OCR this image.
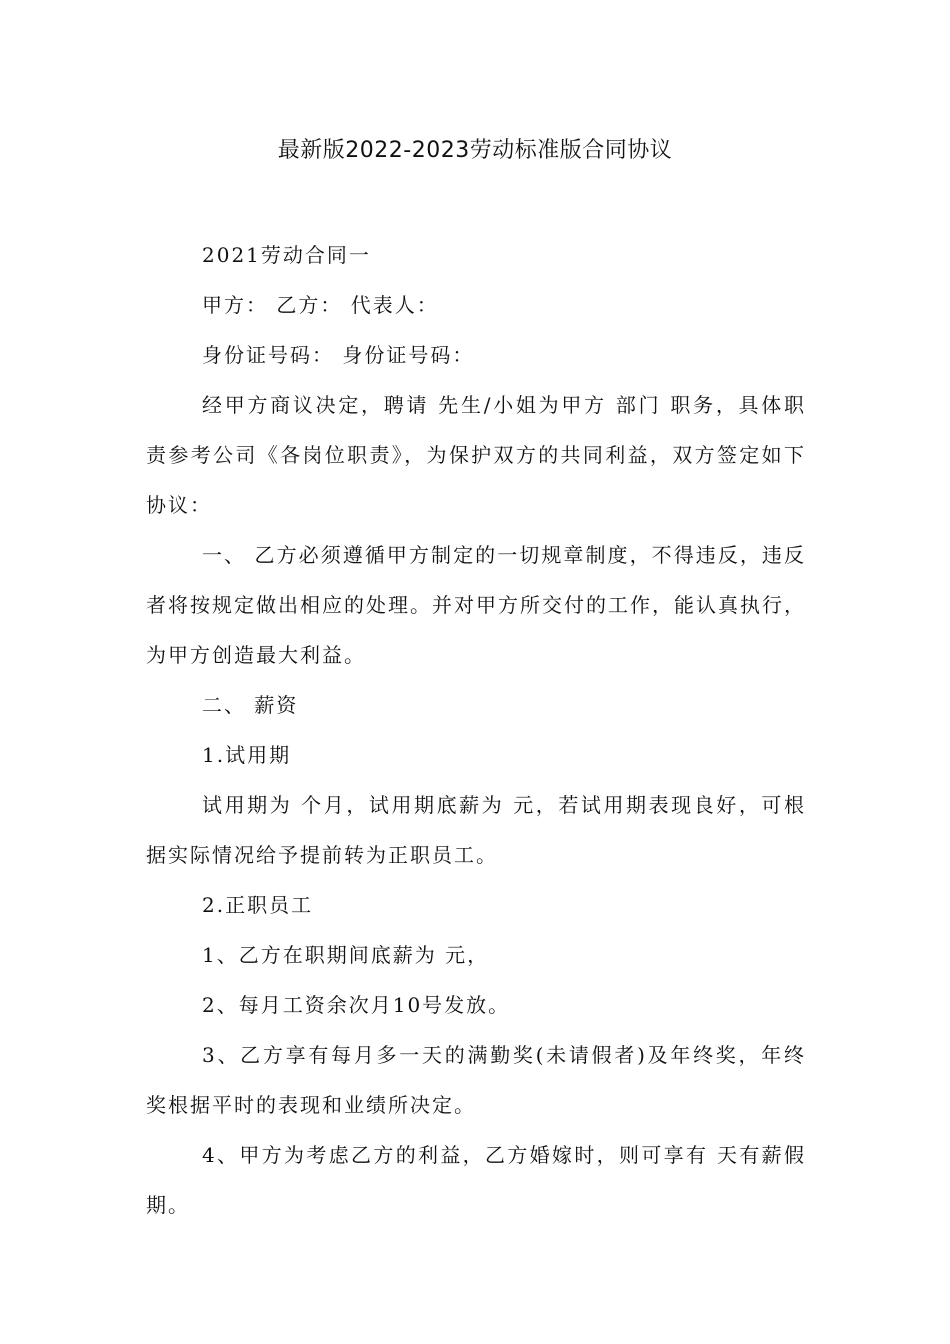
最新版2022-2023劳动标准版合同协议

2021劳动合同一

甲方： 乙方： 代表人：

身份证号码： 身份证号码：

经甲方商议决定，聘请 先生/小姐为甲方 部门 职务，具体职责参考公司《各岗位职责》，为保护双方的共同利益，双方签定如下协议：

一、 乙方必须遵循甲方制定的一切规章制度，不得违反，违反者将按规定做出相应的处理。并对甲方所交付的工作，能认真执行，为甲方创造最大利益。

二、 薪资

1.试用期

试用期为 个月，试用期底薪为 元，若试用期表现良好，可根据实际情况给予提前转为正职员工。

2.正职员工

1、乙方在职期间底薪为 元，

2、每月工资余次月10号发放。

3、乙方享有每月多一天的满勤奖(未请假者)及年终奖，年终奖根据平时的表现和业绩所决定。

4、甲方为考虑乙方的利益，乙方婚嫁时，则可享有 天有薪假期。
